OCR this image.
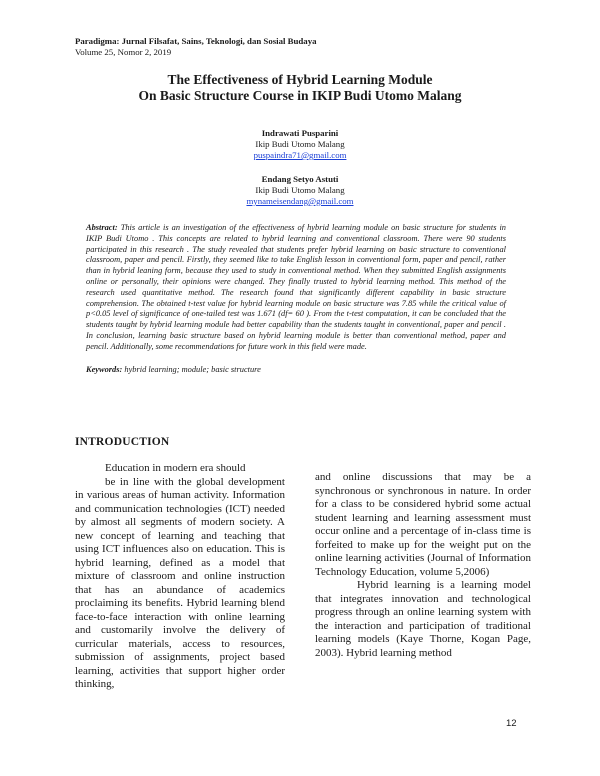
Paradigma: Jurnal Filsafat, Sains, Teknologi, dan Sosial Budaya
Volume 25, Nomor 2, 2019
The Effectiveness of Hybrid Learning Module
On Basic Structure Course in IKIP Budi Utomo Malang
Indrawati Pusparini
Ikip Budi Utomo Malang
puspaindra71@gmail.com
Endang Setyo Astuti
Ikip Budi Utomo Malang
mynameisendang@gmail.com
Abstract: This article is an investigation of the effectiveness of hybrid learning module on basic structure for students in IKIP Budi Utomo . This concepts are related to hybrid learning and conventional classroom. There were 90 students participated in this research . The study revealed that students prefer hybrid learning on basic structure to conventional classroom, paper and pencil. Firstly, they seemed like to take English lesson in conventional form, paper and pencil, rather than in hybrid leaning form, because they used to study in conventional method. When they submitted English assignments online or personally, their opinions were changed. They finally trusted to hybrid learning method. This method of the research used quantitative method. The research found that significantly different capability in basic structure comprehension. The obtained t-test value for hybrid learning module on basic structure was 7.85 while the critical value of p<0.05 level of significance of one-tailed test was 1.671 (df= 60 ). From the t-test computation, it can be concluded that the students taught by hybrid learning module had better capability than the students taught in conventional, paper and pencil . In conclusion, learning basic structure based on hybrid learning module is better than conventional method, paper and pencil. Additionally, some recommendations for future work in this field were made.
Keywords: hybrid learning; module; basic structure
INTRODUCTION

Education in modern era should

be in line with the global development in various areas of human activity. Information and communication technologies (ICT) needed by almost all segments of modern society. A new concept of learning and teaching that using ICT influences also on education. This is hybrid learning, defined as a model that mixture of classroom and online instruction that has an abundance of academics proclaiming its benefits. Hybrid learning blend face-to-face interaction with online learning and customarily involve the delivery of curricular materials, access to resources, submission of assignments, project based learning, activities that support higher order thinking,

and online discussions that may be a synchronous or synchronous in nature. In order for a class to be considered hybrid some actual student learning and learning assessment must occur online and a percentage of in-class time is forfeited to make up for the weight put on the online learning activities (Journal of Information Technology Education, volume 5,2006)

Hybrid learning is a learning model that integrates innovation and technological progress through an online learning system with the interaction and participation of traditional learning models (Kaye Thorne, Kogan Page, 2003). Hybrid learning method

12
